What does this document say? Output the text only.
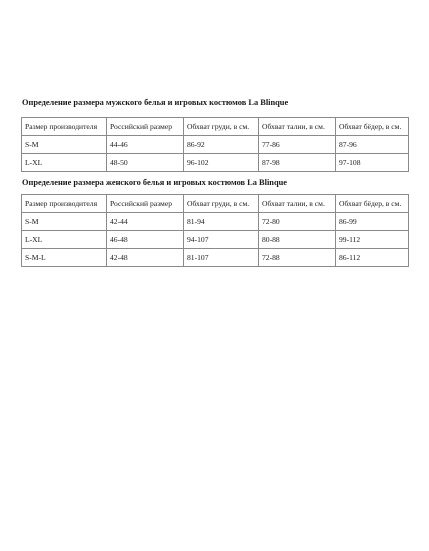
Определение размера мужского белья и игровых костюмов La Blinque
Размер производителя	Российский размер	Обхват груди, в см.	Обхват талии, в см.	Обхват бёдер, в см.
S-M	44-46	86-92	77-86	87-96
L-XL	48-50	96-102	87-98	97-108
Определение размера женского белья и игровых костюмов La Blinque
Размер производителя	Российский размер	Обхват груди, в см.	Обхват талии, в см.	Обхват бёдер, в см.
S-M	42-44	81-94	72-80	86-99
L-XL	46-48	94-107	80-88	99-112
S-M-L	42-48	81-107	72-88	86-112
